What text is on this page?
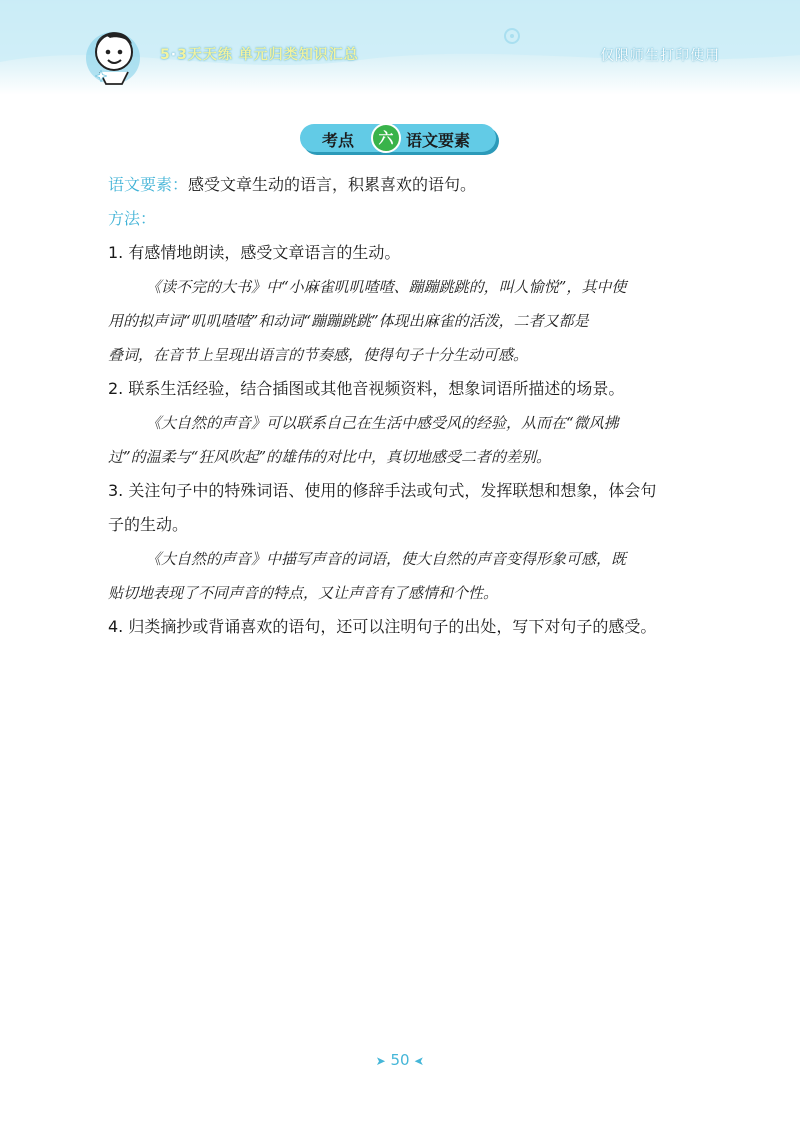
5·3天天练 单元归类知识汇总	仅限师生打印使用
考点	六 语文要素

语文要素：感受文章生动的语言，积累喜欢的语句。

方法：

1. 有感情地朗读，感受文章语言的生动。

《读不完的大书》中“小麻雀叽叽喳喳、蹦蹦跳跳的，叫人愉悦”，其中使

用的拟声词“叽叽喳喳”和动词“蹦蹦跳跳”体现出麻雀的活泼，二者又都是

叠词，在音节上呈现出语言的节奏感，使得句子十分生动可感。

2. 联系生活经验，结合插图或其他音视频资料，想象词语所描述的场景。

《大自然的声音》可以联系自己在生活中感受风的经验，从而在“微风拂

过”的温柔与“狂风吹起”的雄伟的对比中，真切地感受二者的差别。

3. 关注句子中的特殊词语、使用的修辞手法或句式，发挥联想和想象，体会句

子的生动。

《大自然的声音》中描写声音的词语，使大自然的声音变得形象可感，既

贴切地表现了不同声音的特点，又让声音有了感情和个性。

4. 归类摘抄或背诵喜欢的语句，还可以注明句子的出处，写下对句子的感受。

➤ 50 ➤
